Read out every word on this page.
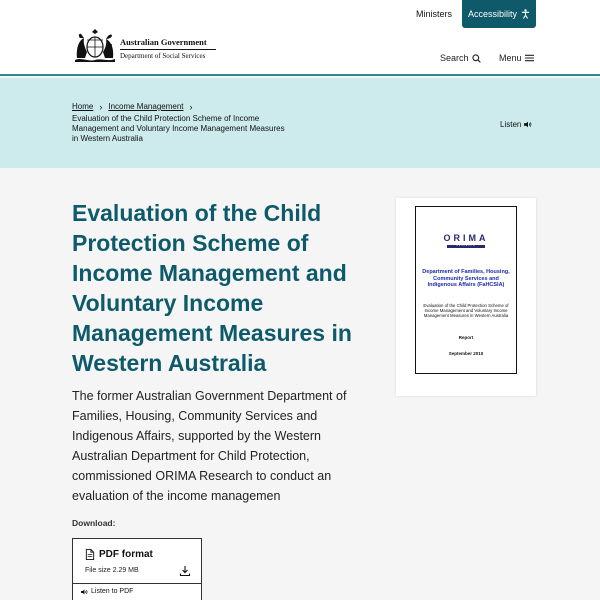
Ministers Accessibility
Australian Government
Department of Social Services	Search	Menu
Home › Income Management ›
Evaluation of the Child Protection Scheme of Income Management and Voluntary Income Management Measures in Western Australia
Listen
Evaluation of the Child Protection Scheme of Income Management and Voluntary Income Management Measures in Western Australia

The former Australian Government Department of Families, Housing, Community Services and Indigenous Affairs, supported by the Western Australian Department for Child Protection, commissioned ORIMA Research to conduct an evaluation of the income managemen

Download:
PDF format
File size 2.29 MB
Listen to PDF
ORIMA
RESEARCH
Department of Families, Housing, Community Services and Indigenous Affairs (FaHCSIA)
Evaluation of the Child Protection Scheme of Income Management and Voluntary Income Management Measures in Western Australia
Report
September 2010
